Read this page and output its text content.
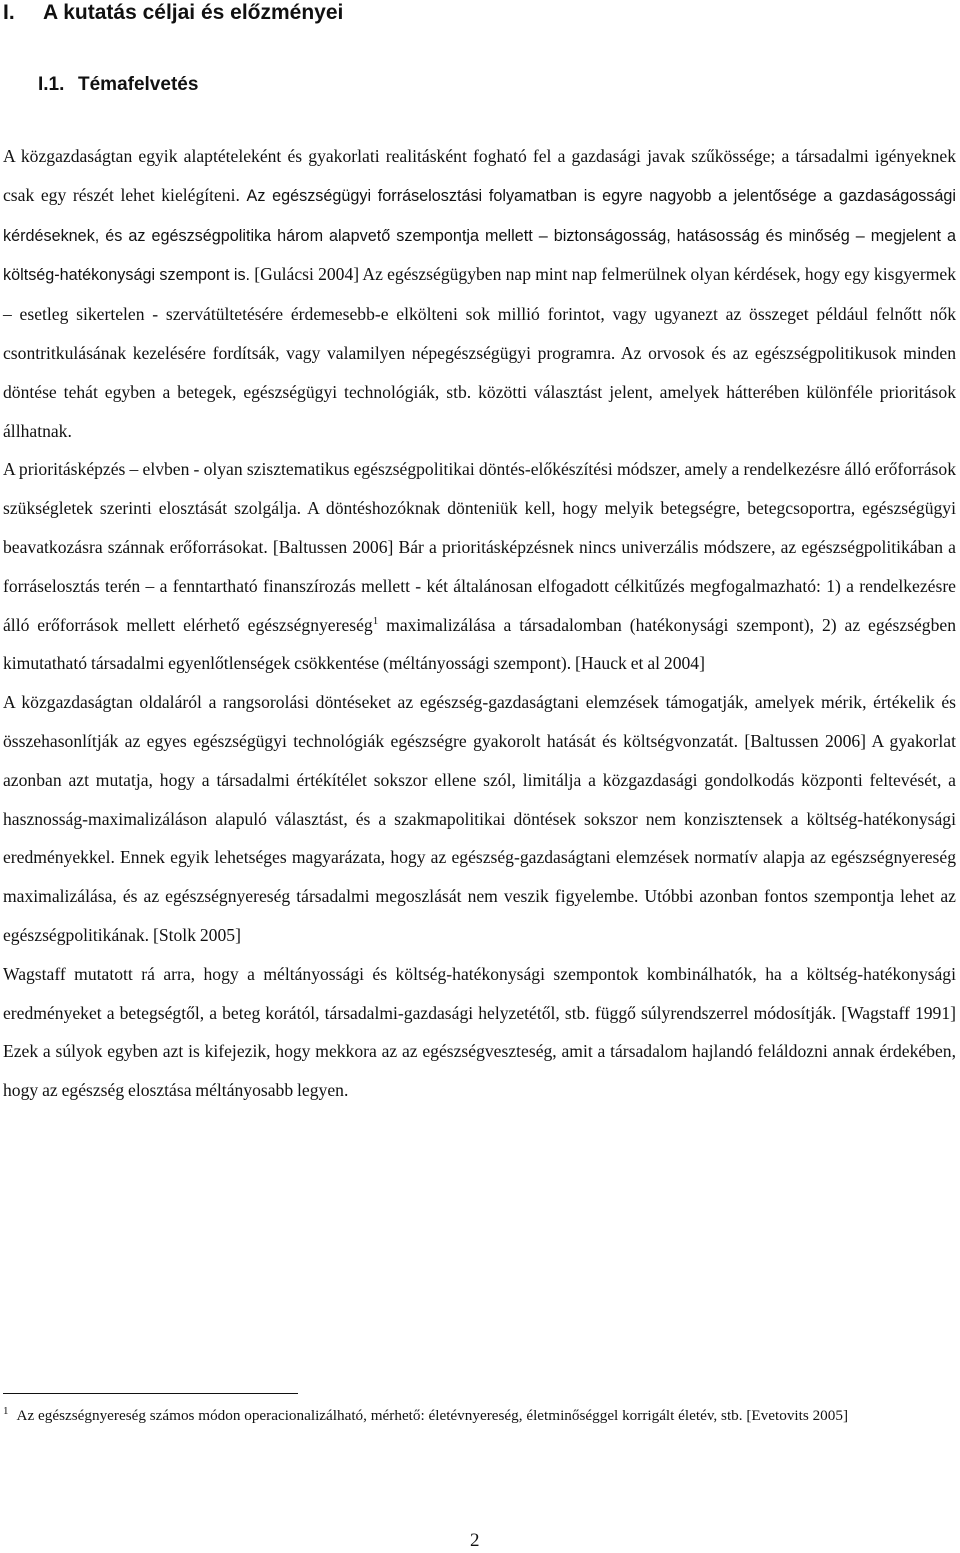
I. A kutatás céljai és előzményei
I.1. Témafelvetés

A közgazdaságtan egyik alaptételeként és gyakorlati realitásként fogható fel a gazdasági javak szűkössége; a társadalmi igényeknek csak egy részét lehet kielégíteni. Az egészségügyi forráselosztási folyamatban is egyre nagyobb a jelentősége a gazdaságossági kérdéseknek, és az egészségpolitika három alapvető szempontja mellett – biztonságosság, hatásosság és minőség – megjelent a költség-hatékonysági szempont is. [Gulácsi 2004] Az egészségügyben nap mint nap felmerülnek olyan kérdések, hogy egy kisgyermek – esetleg sikertelen - szervátültetésére érdemesebb-e elkölteni sok millió forintot, vagy ugyanezt az összeget például felnőtt nők csontritkulásának kezelésére fordítsák, vagy valamilyen népegészségügyi programra. Az orvosok és az egészségpolitikusok minden döntése tehát egyben a betegek, egészségügyi technológiák, stb. közötti választást jelent, amelyek hátterében különféle prioritások állhatnak.

A prioritásképzés – elvben - olyan szisztematikus egészségpolitikai döntés-előkészítési módszer, amely a rendelkezésre álló erőforrások szükségletek szerinti elosztását szolgálja. A döntéshozóknak dönteniük kell, hogy melyik betegségre, betegcsoportra, egészségügyi beavatkozásra szánnak erőforrásokat. [Baltussen 2006] Bár a prioritásképzésnek nincs univerzális módszere, az egészségpolitikában a forráselosztás terén – a fenntartható finanszírozás mellett - két általánosan elfogadott célkitűzés megfogalmazható: 1) a rendelkezésre álló erőforrások mellett elérhető egészségnyereség$^1$ maximalizálása a társadalomban (hatékonysági szempont), 2) az egészségben kimutatható társadalmi egyenlőtlenségek csökkentése (méltányossági szempont). [Hauck et al 2004]

A közgazdaságtan oldaláról a rangsorolási döntéseket az egészség-gazdaságtani elemzések támogatják, amelyek mérik, értékelik és összehasonlítják az egyes egészségügyi technológiák egészségre gyakorolt hatását és költségvonzatát. [Baltussen 2006] A gyakorlat azonban azt mutatja, hogy a társadalmi értékítélet sokszor ellene szól, limitálja a közgazdasági gondolkodás központi feltevését, a hasznosság-maximalizáláson alapuló választást, és a szakmapolitikai döntések sokszor nem konzisztensek a költség-hatékonysági eredményekkel. Ennek egyik lehetséges magyarázata, hogy az egészség-gazdaságtani elemzések normatív alapja az egészségnyereség maximalizálása, és az egészségnyereség társadalmi megoszlását nem veszik figyelembe. Utóbbi azonban fontos szempontja lehet az egészségpolitikának. [Stolk 2005]

Wagstaff mutatott rá arra, hogy a méltányossági és költség-hatékonysági szempontok kombinálhatók, ha a költség-hatékonysági eredményeket a betegségtől, a beteg korától, társadalmi-gazdasági helyzetétől, stb. függő súlyrendszerrel módosítják. [Wagstaff 1991] Ezek a súlyok egyben azt is kifejezik, hogy mekkora az az egészségveszteség, amit a társadalom hajlandó feláldozni annak érdekében, hogy az egészség elosztása méltányosabb legyen.

$^1$ Az egészségnyereség számos módon operacionalizálható, mérhető: életévnyereség, életminőséggel korrigált életév, stb. [Evetovits 2005]

2
